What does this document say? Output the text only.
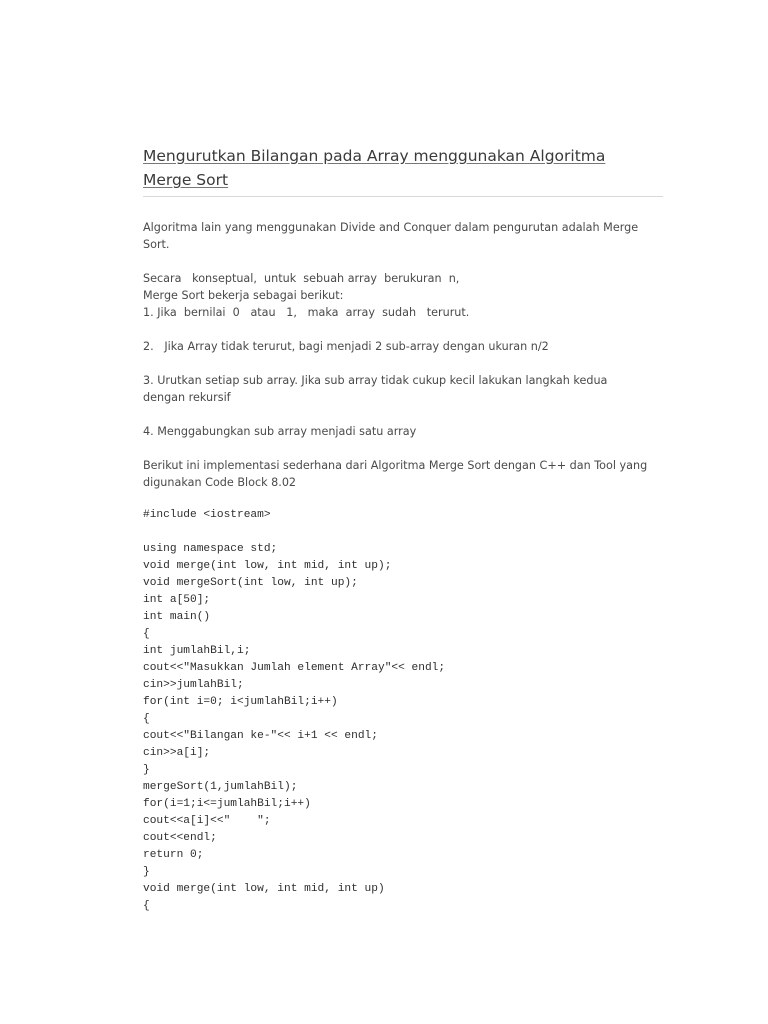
Mengurutkan Bilangan pada Array menggunakan Algoritma
Merge Sort

Algoritma lain yang menggunakan Divide and Conquer dalam pengurutan adalah Merge
Sort.

Secara   konseptual,  untuk  sebuah array  berukuran  n,

Merge Sort bekerja sebagai berikut:

1. Jika  bernilai  0   atau   1,   maka  array  sudah   terurut.

2.   Jika Array tidak terurut, bagi menjadi 2 sub-array dengan ukuran n/2

3. Urutkan setiap sub array. Jika sub array tidak cukup kecil lakukan langkah kedua
dengan rekursif

4. Menggabungkan sub array menjadi satu array

Berikut ini implementasi sederhana dari Algoritma Merge Sort dengan C++ dan Tool yang
digunakan Code Block 8.02

#include <iostream>
using namespace std;
void merge(int low, int mid, int up);
void mergeSort(int low, int up);
int a[50];
int main()
{
int jumlahBil,i;
cout<<"Masukkan Jumlah element Array"<< endl;
cin>>jumlahBil;
for(int i=0; i<jumlahBil;i++)
{
cout<<"Bilangan ke-"<< i+1 << endl;
cin>>a[i];
}
mergeSort(1,jumlahBil);
for(i=1;i<=jumlahBil;i++)
cout<<a[i]<<"    ";
cout<<endl;
return 0;
}
void merge(int low, int mid, int up)
{
